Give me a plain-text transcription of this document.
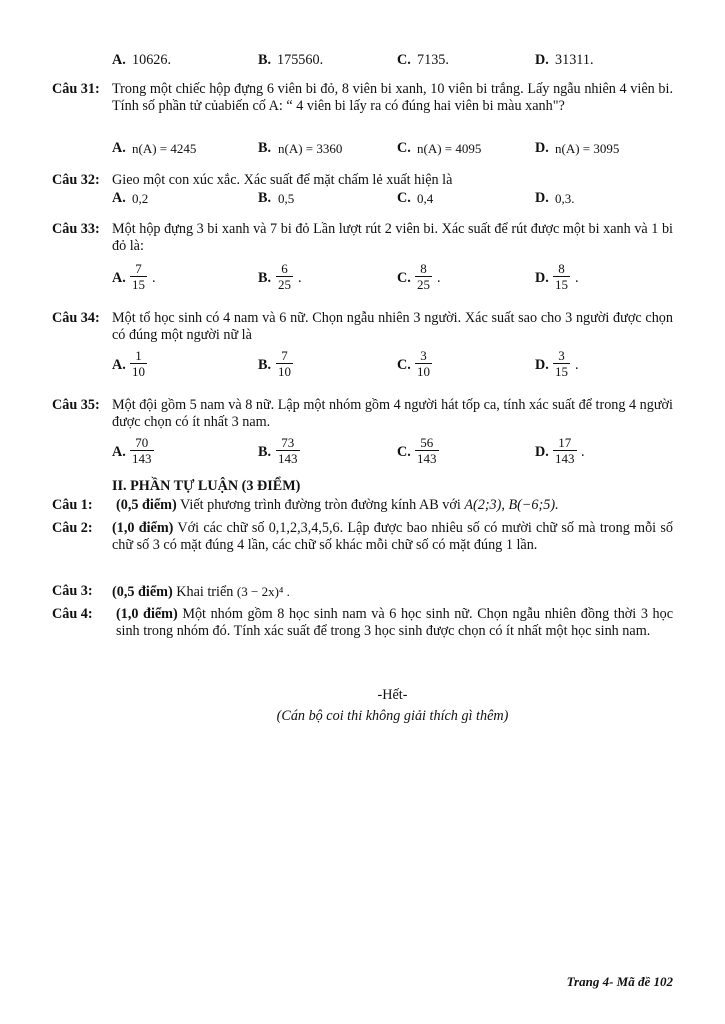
A. 10626.	B. 175560.	C. 7135.	D. 31311.
Câu 31: Trong một chiếc hộp đựng 6 viên bi đỏ, 8 viên bi xanh, 10 viên bi trắng. Lấy ngẫu nhiên 4 viên bi. Tính số phần tử củabiến cố A: “ 4 viên bi lấy ra có đúng hai viên bi màu xanh"?
A. n(A) = 4245	B. n(A) = 3360	C. n(A) = 4095	D. n(A) = 3095
Câu 32: Gieo một con xúc xắc. Xác suất để mặt chấm lẻ xuất hiện là
A. 0,2	B. 0,5	C. 0,4	D. 0,3.
Câu 33: Một hộp đựng 3 bi xanh và 7 bi đỏ Lần lượt rút 2 viên bi. Xác suất để rút được một bi xanh và 1 bi đỏ là:
A. $\frac{7}{15}$ .	B. $\frac{6}{25}$ .	C. $\frac{8}{25}$ .	D. $\frac{8}{15}$ .
Câu 34: Một tổ học sinh có 4 nam và 6 nữ. Chọn ngẫu nhiên 3 người. Xác suất sao cho 3 người được chọn có đúng một người nữ là
A. $\frac{1}{10}$	B. $\frac{7}{10}$	C. $\frac{3}{10}$	D. $\frac{3}{15}$ .
Câu 35: Một đội gồm 5 nam và 8 nữ. Lập một nhóm gồm 4 người hát tốp ca, tính xác suất để trong 4 người được chọn có ít nhất 3 nam.
A. $\frac{70}{143}$	B. $\frac{73}{143}$	C. $\frac{56}{143}$	D. $\frac{17}{143}$ .
II. PHẦN TỰ LUẬN (3 ĐIỂM)
Câu 1: (0,5 điểm) Viết phương trình đường tròn đường kính AB với A(2;3), B(−6;5).
Câu 2: (1,0 điểm) Với các chữ số 0,1,2,3,4,5,6. Lập được bao nhiêu số có mười chữ số mà trong mỗi số chữ số 3 có mặt đúng 4 lần, các chữ số khác mỗi chữ số có mặt đúng 1 lần.
Câu 3: (0,5 điểm) Khai triển (3 − 2x)⁴ .
Câu 4: (1,0 điểm) Một nhóm gồm 8 học sinh nam và 6 học sinh nữ. Chọn ngẫu nhiên đồng thời 3 học sinh trong nhóm đó. Tính xác suất để trong 3 học sinh được chọn có ít nhất một học sinh nam.
-Hết-
(Cán bộ coi thi không giải thích gì thêm)
Trang 4- Mã đề 102
